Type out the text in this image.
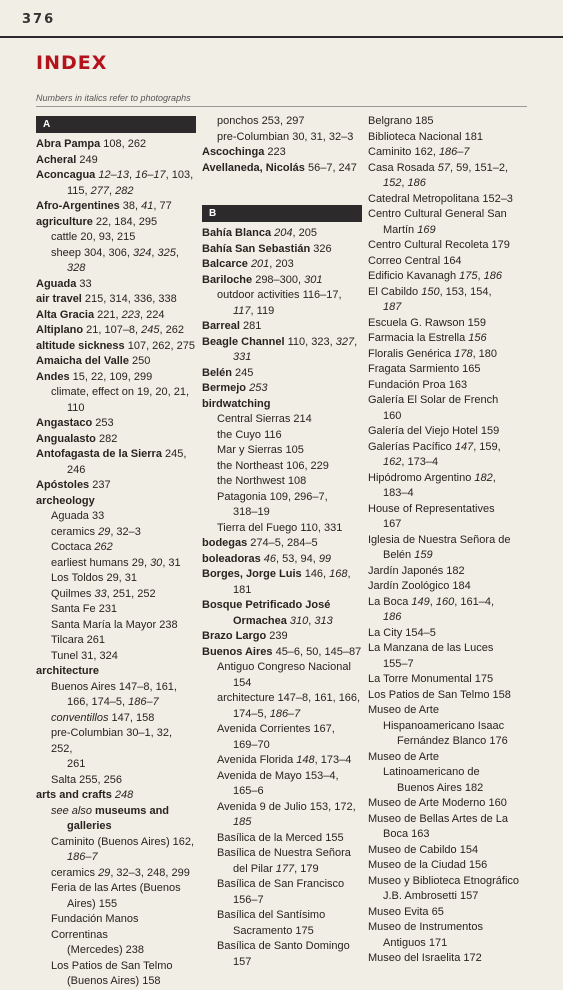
376
INDEX
Numbers in italics refer to photographs
A
Abra Pampa 108, 262
Acheral 249
Aconcagua 12–13, 16–17, 103,
115, 277, 282
Afro-Argentines 38, 41, 77
agriculture 22, 184, 295
cattle 20, 93, 215
sheep 304, 306, 324, 325,
328
Aguada 33
air travel 215, 314, 336, 338
Alta Gracia 221, 223, 224
Altiplano 21, 107–8, 245, 262
altitude sickness 107, 262, 275
Amaicha del Valle 250
Andes 15, 22, 109, 299
climate, effect on 19, 20, 21,
110
Angastaco 253
Angualasto 282
Antofagasta de la Sierra 245,
246
Apóstoles 237
archeology
Aguada 33
ceramics 29, 32–3
Coctaca 262
earliest humans 29, 30, 31
Los Toldos 29, 31
Quilmes 33, 251, 252
Santa Fe 231
Santa María la Mayor 238
Tilcara 261
Tunel 31, 324
architecture
Buenos Aires 147–8, 161,
166, 174–5, 186–7
conventillos 147, 158
pre-Columbian 30–1, 32, 252,
261
Salta 255, 256
arts and crafts 248
see also museums and
galleries
Caminito (Buenos Aires) 162,
186–7
ceramics 29, 32–3, 248, 299
Feria de las Artes (Buenos
Aires) 155
Fundación Manos Correntinas
(Mercedes) 238
Los Patios de San Telmo
(Buenos Aires) 158
ponchos 253, 297
pre-Columbian 30, 31, 32–3
Ascochinga 223
Avellaneda, Nicolás 56–7, 247
B
Bahía Blanca 204, 205
Bahía San Sebastián 326
Balcarce 201, 203
Bariloche 298–300, 301
outdoor activities 116–17,
117, 119
Barreal 281
Beagle Channel 110, 323, 327,
331
Belén 245
Bermejo 253
birdwatching
Central Sierras 214
the Cuyo 116
Mar y Sierras 105
the Northeast 106, 229
the Northwest 108
Patagonia 109, 296–7,
318–19
Tierra del Fuego 110, 331
bodegas 274–5, 284–5
boleadoras 46, 53, 94, 99
Borges, Jorge Luis 146, 168,
181
Bosque Petrificado José
Ormachea 310, 313
Brazo Largo 239
Buenos Aires 45–6, 50, 145–87
Antiguo Congreso Nacional
154
architecture 147–8, 161, 166,
174–5, 186–7
Avenida Corrientes 167,
169–70
Avenida Florida 148, 173–4
Avenida de Mayo 153–4,
165–6
Avenida 9 de Julio 153, 172,
185
Basílica de la Merced 155
Basílica de Nuestra Señora
del Pilar 177, 179
Basílica de San Francisco
156–7
Basílica del Santísimo
Sacramento 175
Basílica de Santo Domingo
157
Belgrano 185
Biblioteca Nacional 181
Caminito 162, 186–7
Casa Rosada 57, 59, 151–2,
152, 186
Catedral Metropolitana 152–3
Centro Cultural General San
Martín 169
Centro Cultural Recoleta 179
Correo Central 164
Edificio Kavanagh 175, 186
El Cabildo 150, 153, 154,
187
Escuela G. Rawson 159
Farmacia la Estrella 156
Floralis Genérica 178, 180
Fragata Sarmiento 165
Fundación Proa 163
Galería El Solar de French
160
Galería del Viejo Hotel 159
Galerías Pacífico 147, 159,
162, 173–4
Hipódromo Argentino 182,
183–4
House of Representatives
167
Iglesia de Nuestra Señora de
Belén 159
Jardín Japonés 182
Jardín Zoológico 184
La Boca 149, 160, 161–4,
186
La City 154–5
La Manzana de las Luces
155–7
La Torre Monumental 175
Los Patios de San Telmo 158
Museo de Arte
Hispanoamericano Isaac
Fernández Blanco 176
Museo de Arte
Latinoamericano de
Buenos Aires 182
Museo de Arte Moderno 160
Museo de Bellas Artes de La
Boca 163
Museo de Cabildo 154
Museo de la Ciudad 156
Museo y Biblioteca Etnográfico
J.B. Ambrosetti 157
Museo Evita 65
Museo de Instrumentos
Antiguos 171
Museo del Israelita 172
